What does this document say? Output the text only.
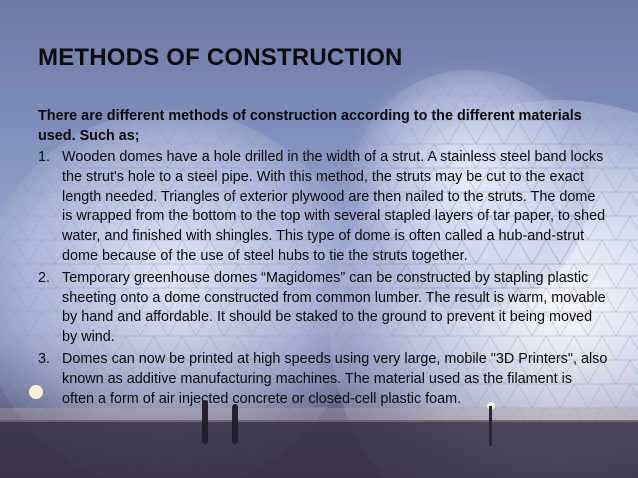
METHODS OF CONSTRUCTION
There are different methods of construction according to the different materials used. Such as;
1. Wooden domes have a hole drilled in the width of a strut. A stainless steel band locks the strut's hole to a steel pipe. With this method, the struts may be cut to the exact length needed. Triangles of exterior plywood are then nailed to the struts. The dome is wrapped from the bottom to the top with several stapled layers of tar paper, to shed water, and finished with shingles. This type of dome is often called a hub-and-strut dome because of the use of steel hubs to tie the struts together.
2. Temporary greenhouse domes “Magidomes” can be constructed by stapling plastic sheeting onto a dome constructed from common lumber. The result is warm, movable by hand and affordable. It should be staked to the ground to prevent it being moved by wind.
3. Domes can now be printed at high speeds using very large, mobile "3D Printers", also known as additive manufacturing machines. The material used as the filament is often a form of air injected concrete or closed-cell plastic foam.
